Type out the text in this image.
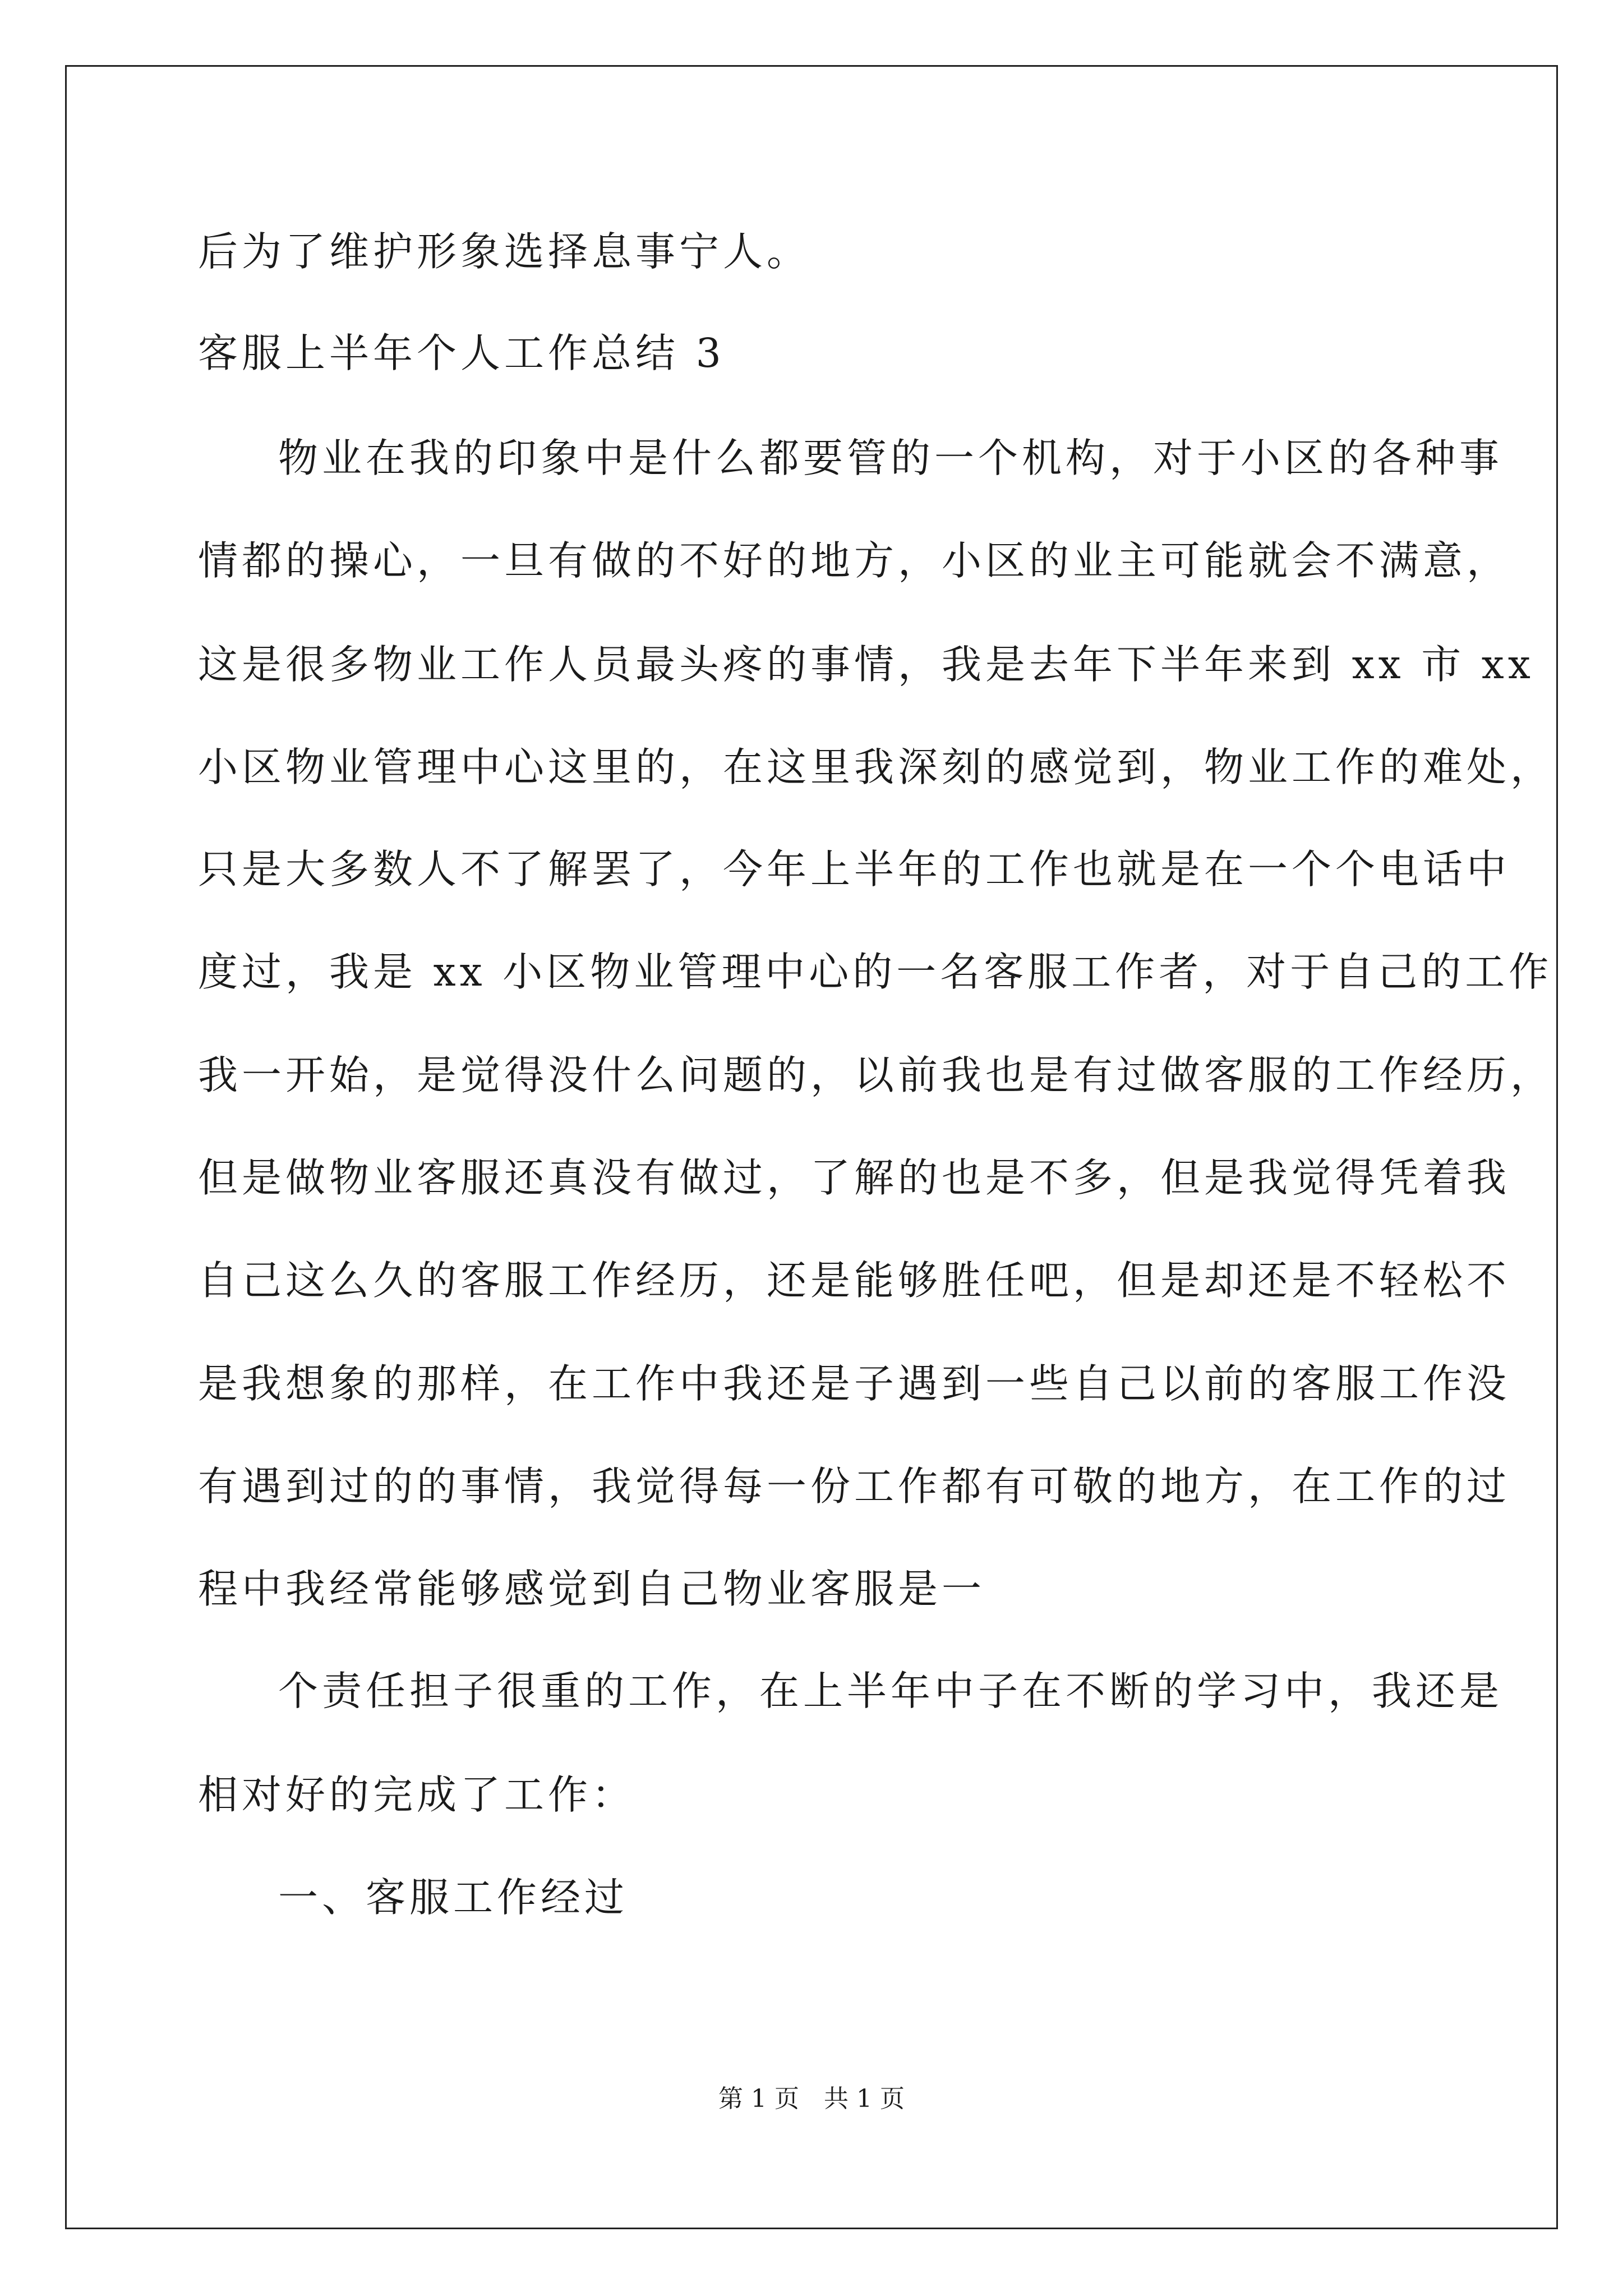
后为了维护形象选择息事宁人。
客服上半年个人工作总结 3
物业在我的印象中是什么都要管的一个机构，对于小区的各种事
情都的操心，一旦有做的不好的地方，小区的业主可能就会不满意，
这是很多物业工作人员最头疼的事情，我是去年下半年来到 xx 市 xx
小区物业管理中心这里的，在这里我深刻的感觉到，物业工作的难处，
只是大多数人不了解罢了，今年上半年的工作也就是在一个个电话中
度过，我是 xx 小区物业管理中心的一名客服工作者，对于自己的工作
我一开始，是觉得没什么问题的，以前我也是有过做客服的工作经历，
但是做物业客服还真没有做过，了解的也是不多，但是我觉得凭着我
自己这么久的客服工作经历，还是能够胜任吧，但是却还是不轻松不
是我想象的那样，在工作中我还是子遇到一些自己以前的客服工作没
有遇到过的的事情，我觉得每一份工作都有可敬的地方，在工作的过
程中我经常能够感觉到自己物业客服是一
个责任担子很重的工作，在上半年中子在不断的学习中，我还是
相对好的完成了工作：
一、客服工作经过
第 1 页 共 1 页
